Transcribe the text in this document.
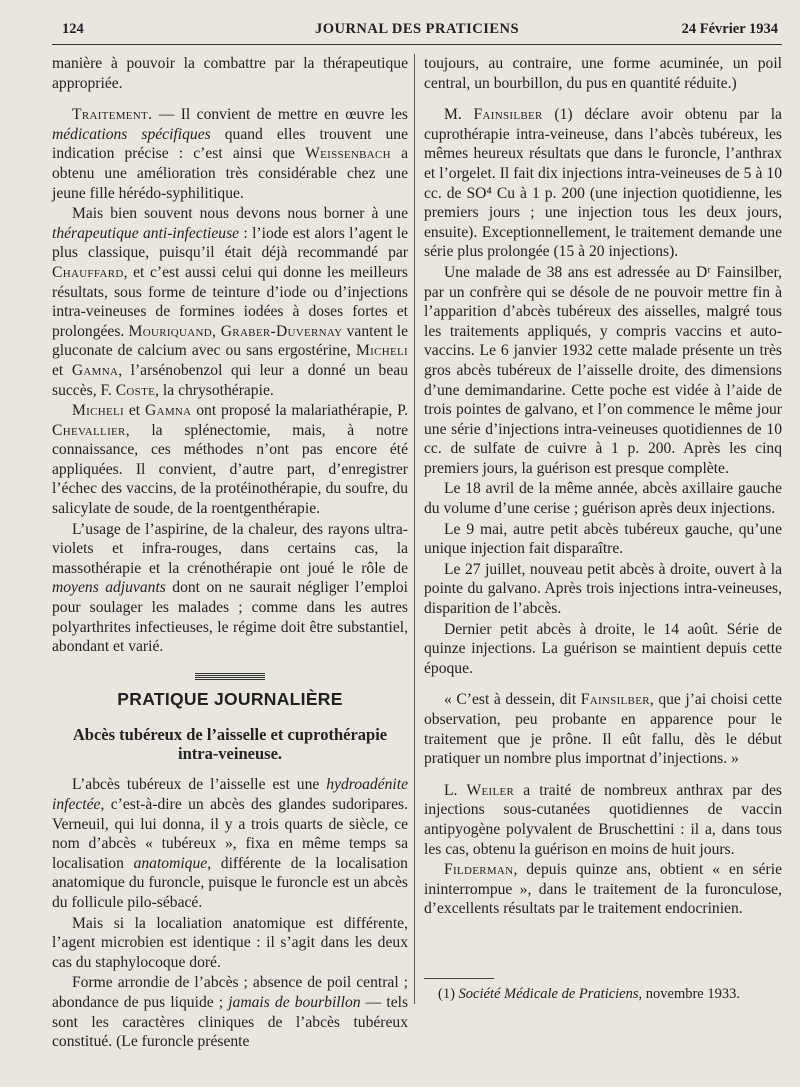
124	JOURNAL DES PRATICIENS	24 Février 1934

manière à pouvoir la combattre par la thérapeutique appropriée.

Traitement. — Il convient de mettre en œuvre les médications spécifiques quand elles trouvent une indication précise : c’est ainsi que Weissenbach a obtenu une amélioration très considérable chez une jeune fille hérédo-syphilitique.

Mais bien souvent nous devons nous borner à une thérapeutique anti-infectieuse : l’iode est alors l’agent le plus classique, puisqu’il était déjà recommandé par Chauffard, et c’est aussi celui qui donne les meilleurs résultats, sous forme de teinture d’iode ou d’injections intra-veineuses de formines iodées à doses fortes et prolongées. Mouriquand, Graber-Duvernay vantent le gluconate de calcium avec ou sans ergostérine, Micheli et Gamna, l’arsénobenzol qui leur a donné un beau succès, F. Coste, la chrysothérapie.

Micheli et Gamna ont proposé la malariathérapie, P. Chevallier, la splénectomie, mais, à notre connaissance, ces méthodes n’ont pas encore été appliquées. Il convient, d’autre part, d’enregistrer l’échec des vaccins, de la protéinothérapie, du soufre, du salicylate de soude, de la roentgenthérapie.

L’usage de l’aspirine, de la chaleur, des rayons ultra-violets et infra-rouges, dans certains cas, la massothérapie et la crénothérapie ont joué le rôle de moyens adjuvants dont on ne saurait négliger l’emploi pour soulager les malades ; comme dans les autres polyarthrites infectieuses, le régime doit être substantiel, abondant et varié.

PRATIQUE JOURNALIÈRE
Abcès tubéreux de l’aisselle et cuprothérapie intra-veineuse.

L’abcès tubéreux de l’aisselle est une hydroadénite infectée, c’est-à-dire un abcès des glandes sudoripares. Verneuil, qui lui donna, il y a trois quarts de siècle, ce nom d’abcès « tubéreux », fixa en même temps sa localisation anatomique, différente de la localisation anatomique du furoncle, puisque le furoncle est un abcès du follicule pilo-sébacé.

Mais si la localiation anatomique est différente, l’agent microbien est identique : il s’agit dans les deux cas du staphylocoque doré.

Forme arrondie de l’abcès ; absence de poil central ; abondance de pus liquide ; jamais de bourbillon — tels sont les caractères cliniques de l’abcès tubéreux constitué. (Le furoncle présente

toujours, au contraire, une forme acuminée, un poil central, un bourbillon, du pus en quantité réduite.)

M. Fainsilber (1) déclare avoir obtenu par la cuprothérapie intra-veineuse, dans l’abcès tubéreux, les mêmes heureux résultats que dans le furoncle, l’anthrax et l’orgelet. Il fait dix injections intra-veineuses de 5 à 10 cc. de SO⁴ Cu à 1 p. 200 (une injection quotidienne, les premiers jours ; une injection tous les deux jours, ensuite). Exceptionnellement, le traitement demande une série plus prolongée (15 à 20 injections).

Une malade de 38 ans est adressée au Dʳ Fainsilber, par un confrère qui se désole de ne pouvoir mettre fin à l’apparition d’abcès tubéreux des aisselles, malgré tous les traitements appliqués, y compris vaccins et auto-vaccins. Le 6 janvier 1932 cette malade présente un très gros abcès tubéreux de l’aisselle droite, des dimensions d’une demimandarine. Cette poche est vidée à l’aide de trois pointes de galvano, et l’on commence le même jour une série d’injections intra-veineuses quotidiennes de 10 cc. de sulfate de cuivre à 1 p. 200. Après les cinq premiers jours, la guérison est presque complète.

Le 18 avril de la même année, abcès axillaire gauche du volume d’une cerise ; guérison après deux injections.

Le 9 mai, autre petit abcès tubéreux gauche, qu’une unique injection fait disparaître.

Le 27 juillet, nouveau petit abcès à droite, ouvert à la pointe du galvano. Après trois injections intra-veineuses, disparition de l’abcès.

Dernier petit abcès à droite, le 14 août. Série de quinze injections. La guérison se maintient depuis cette époque.

« C’est à dessein, dit Fainsilber, que j’ai choisi cette observation, peu probante en apparence pour le traitement que je prône. Il eût fallu, dès le début pratiquer un nombre plus importnat d’injections. »

L. Weiler a traité de nombreux anthrax par des injections sous-cutanées quotidiennes de vaccin antipyogène polyvalent de Bruschettini : il a, dans tous les cas, obtenu la guérison en moins de huit jours.

Filderman, depuis quinze ans, obtient « en série ininterrompue », dans le traitement de la furonculose, d’excellents résultats par le traitement endocrinien.

(1) Société Médicale de Praticiens, novembre 1933.
